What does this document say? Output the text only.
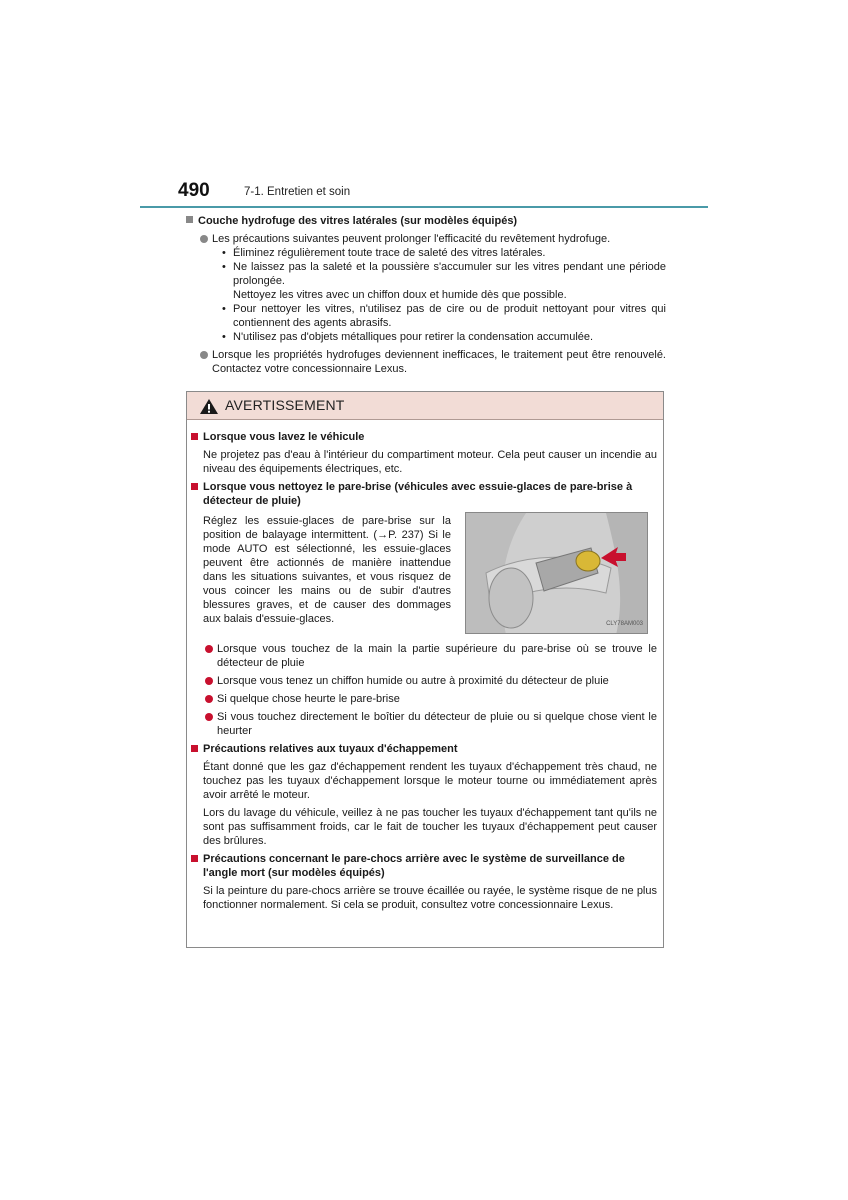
490	7-1. Entretien et soin
Couche hydrofuge des vitres latérales (sur modèles équipés)
Les précautions suivantes peuvent prolonger l'efficacité du revêtement hydrofuge.
• Éliminez régulièrement toute trace de saleté des vitres latérales.
• Ne laissez pas la saleté et la poussière s'accumuler sur les vitres pendant une période prolongée.
Nettoyez les vitres avec un chiffon doux et humide dès que possible.
• Pour nettoyer les vitres, n'utilisez pas de cire ou de produit nettoyant pour vitres qui contiennent des agents abrasifs.
• N'utilisez pas d'objets métalliques pour retirer la condensation accumulée.
Lorsque les propriétés hydrofuges deviennent inefficaces, le traitement peut être renouvelé. Contactez votre concessionnaire Lexus.
AVERTISSEMENT
Lorsque vous lavez le véhicule
Ne projetez pas d'eau à l'intérieur du compartiment moteur. Cela peut causer un incendie au niveau des équipements électriques, etc.
Lorsque vous nettoyez le pare-brise (véhicules avec essuie-glaces de pare-brise à détecteur de pluie)
Réglez les essuie-glaces de pare-brise sur la position de balayage intermittent. (→P. 237) Si le mode AUTO est sélectionné, les essuie-glaces peuvent être actionnés de manière inattendue dans les situations suivantes, et vous risquez de vous coincer les mains ou de subir d'autres blessures graves, et de causer des dommages aux balais d'essuie-glaces.	CLY78AM003
Lorsque vous touchez de la main la partie supérieure du pare-brise où se trouve le détecteur de pluie
Lorsque vous tenez un chiffon humide ou autre à proximité du détecteur de pluie
Si quelque chose heurte le pare-brise
Si vous touchez directement le boîtier du détecteur de pluie ou si quelque chose vient le heurter
Précautions relatives aux tuyaux d'échappement
Étant donné que les gaz d'échappement rendent les tuyaux d'échappement très chaud, ne touchez pas les tuyaux d'échappement lorsque le moteur tourne ou immédiatement après avoir arrêté le moteur.
Lors du lavage du véhicule, veillez à ne pas toucher les tuyaux d'échappement tant qu'ils ne sont pas suffisamment froids, car le fait de toucher les tuyaux d'échappement peut causer des brûlures.
Précautions concernant le pare-chocs arrière avec le système de surveillance de l'angle mort (sur modèles équipés)
Si la peinture du pare-chocs arrière se trouve écaillée ou rayée, le système risque de ne plus fonctionner normalement. Si cela se produit, consultez votre concessionnaire Lexus.
